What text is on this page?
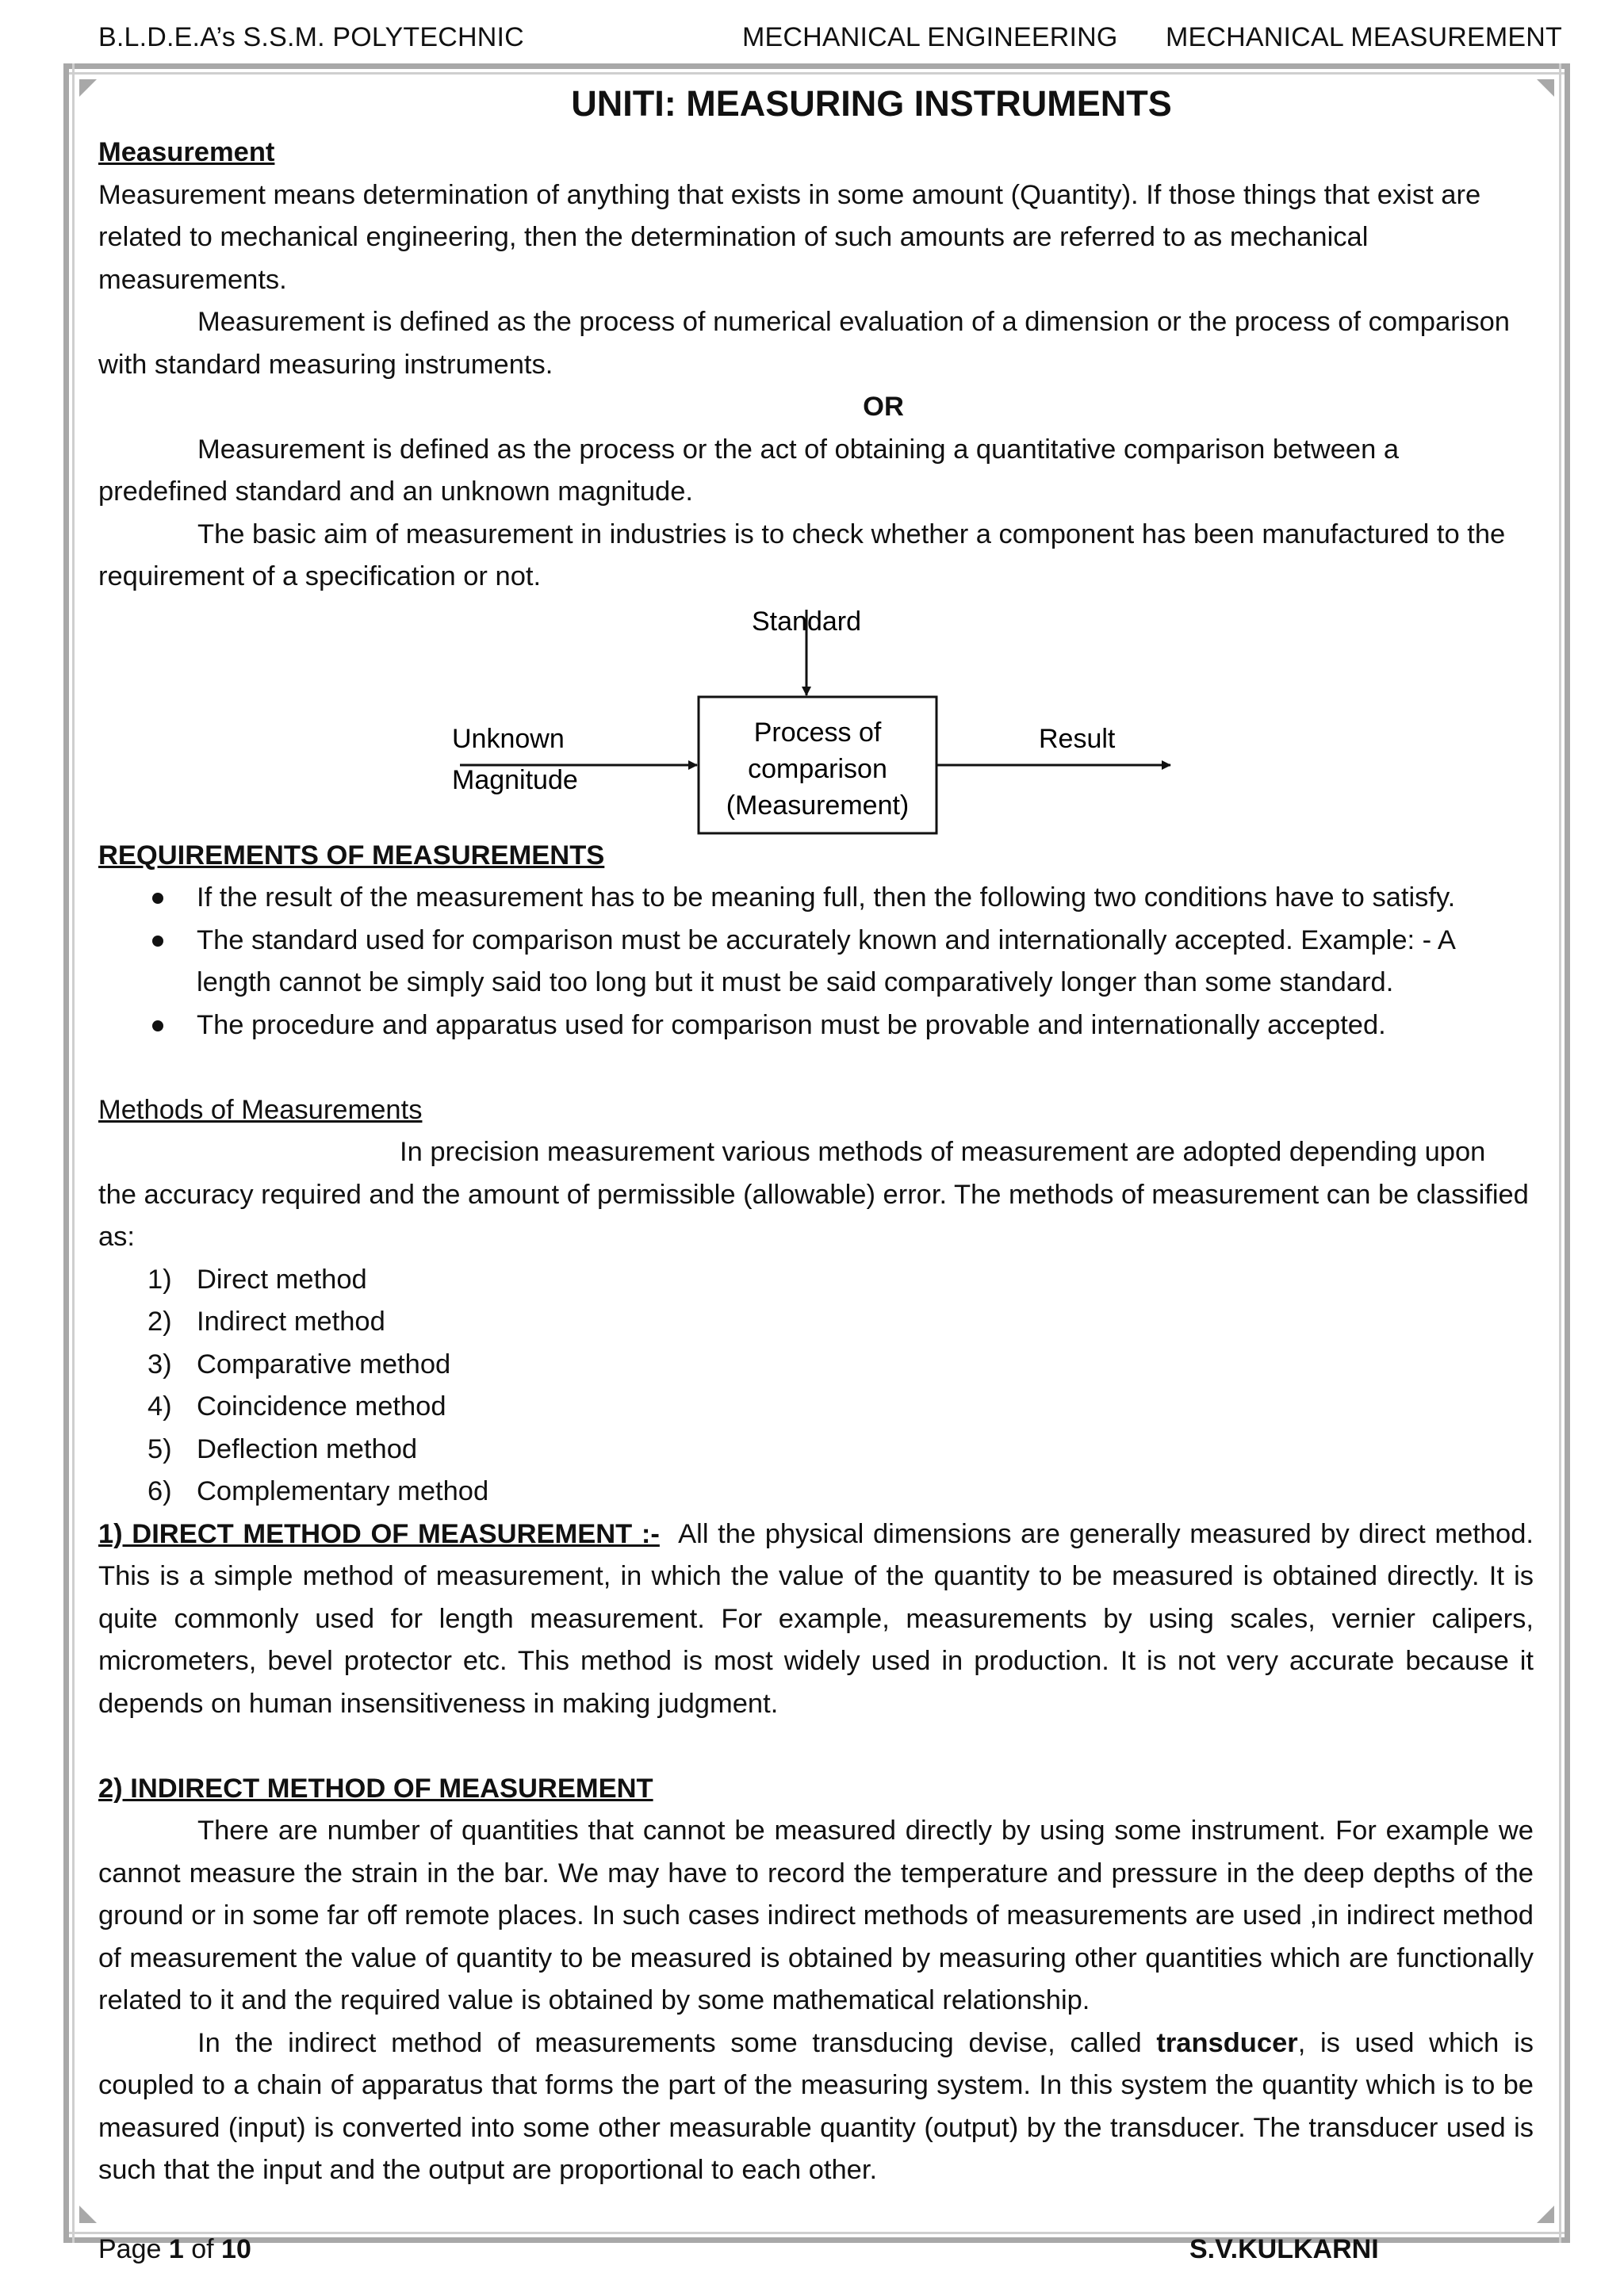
B.L.D.E.A’s S.S.M. POLYTECHNIC	MECHANICAL ENGINEERING MECHANICAL MEASUREMENT
UNITI: MEASURING INSTRUMENTS
Measurement

Measurement means determination of anything that exists in some amount (Quantity). If those things that exist are related to mechanical engineering, then the determination of such amounts are referred to as mechanical measurements.

Measurement is defined as the process of numerical evaluation of a dimension or the process of comparison with standard measuring instruments.

OR

Measurement is defined as the process or the act of obtaining a quantitative comparison between a predefined standard and an unknown magnitude.

The basic aim of measurement in industries is to check whether a component has been manufactured to the requirement of a specification or not.

Standard
Process of
comparison
(Measurement)
Unknown
Magnitude
Result
REQUIREMENTS OF MEASUREMENTS
If the result of the measurement has to be meaning full, then the following two conditions have to satisfy.
The standard used for comparison must be accurately known and internationally accepted. Example: - A length cannot be simply said too long but it must be said comparatively longer than some standard.
The procedure and apparatus used for comparison must be provable and internationally accepted.
Methods of Measurements
In precision measurement various methods of measurement are adopted depending upon
the accuracy required and the amount of permissible (allowable) error. The methods of measurement can be classified as:
1) Direct method
2) Indirect method
3) Comparative method
4) Coincidence method
5) Deflection method
6) Complementary method

1) DIRECT METHOD OF MEASUREMENT :- All the physical dimensions are generally measured by direct method. This is a simple method of measurement, in which the value of the quantity to be measured is obtained directly. It is quite commonly used for length measurement. For example, measurements by using scales, vernier calipers, micrometers, bevel protector etc. This method is most widely used in production. It is not very accurate because it depends on human insensitiveness in making judgment.

2) INDIRECT METHOD OF MEASUREMENT

There are number of quantities that cannot be measured directly by using some instrument. For example we cannot measure the strain in the bar. We may have to record the temperature and pressure in the deep depths of the ground or in some far off remote places. In such cases indirect methods of measurements are used ,in indirect method of measurement the value of quantity to be measured is obtained by measuring other quantities which are functionally related to it and the required value is obtained by some mathematical relationship.

In the indirect method of measurements some transducing devise, called transducer, is used which is coupled to a chain of apparatus that forms the part of the measuring system. In this system the quantity which is to be measured (input) is converted into some other measurable quantity (output) by the transducer. The transducer used is such that the input and the output are proportional to each other.

Page 1 of 10	S.V.KULKARNI
